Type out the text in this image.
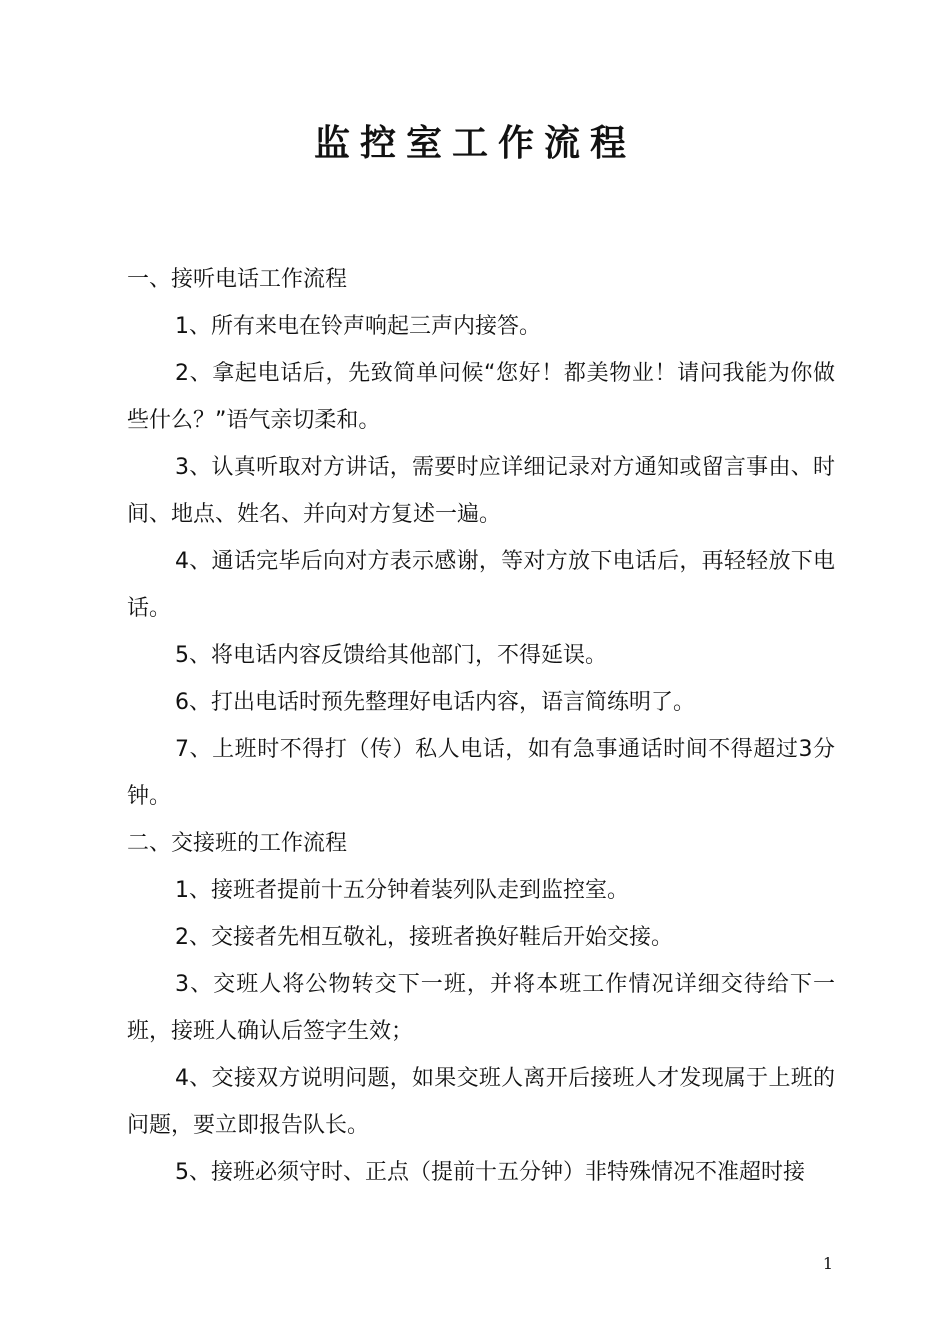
监控室工作流程
一、接听电话工作流程

1、所有来电在铃声响起三声内接答。

2、拿起电话后，先致简单问候“您好！都美物业！请问我能为你做些什么？”语气亲切柔和。

3、认真听取对方讲话，需要时应详细记录对方通知或留言事由、时间、地点、姓名、并向对方复述一遍。

4、通话完毕后向对方表示感谢，等对方放下电话后，再轻轻放下电话。

5、将电话内容反馈给其他部门，不得延误。

6、打出电话时预先整理好电话内容，语言简练明了。

7、上班时不得打（传）私人电话，如有急事通话时间不得超过3分钟。

二、交接班的工作流程

1、接班者提前十五分钟着装列队走到监控室。

2、交接者先相互敬礼，接班者换好鞋后开始交接。

3、交班人将公物转交下一班，并将本班工作情况详细交待给下一班，接班人确认后签字生效；

4、交接双方说明问题，如果交班人离开后接班人才发现属于上班的问题，要立即报告队长。

5、接班必须守时、正点（提前十五分钟）非特殊情况不准超时接

1
